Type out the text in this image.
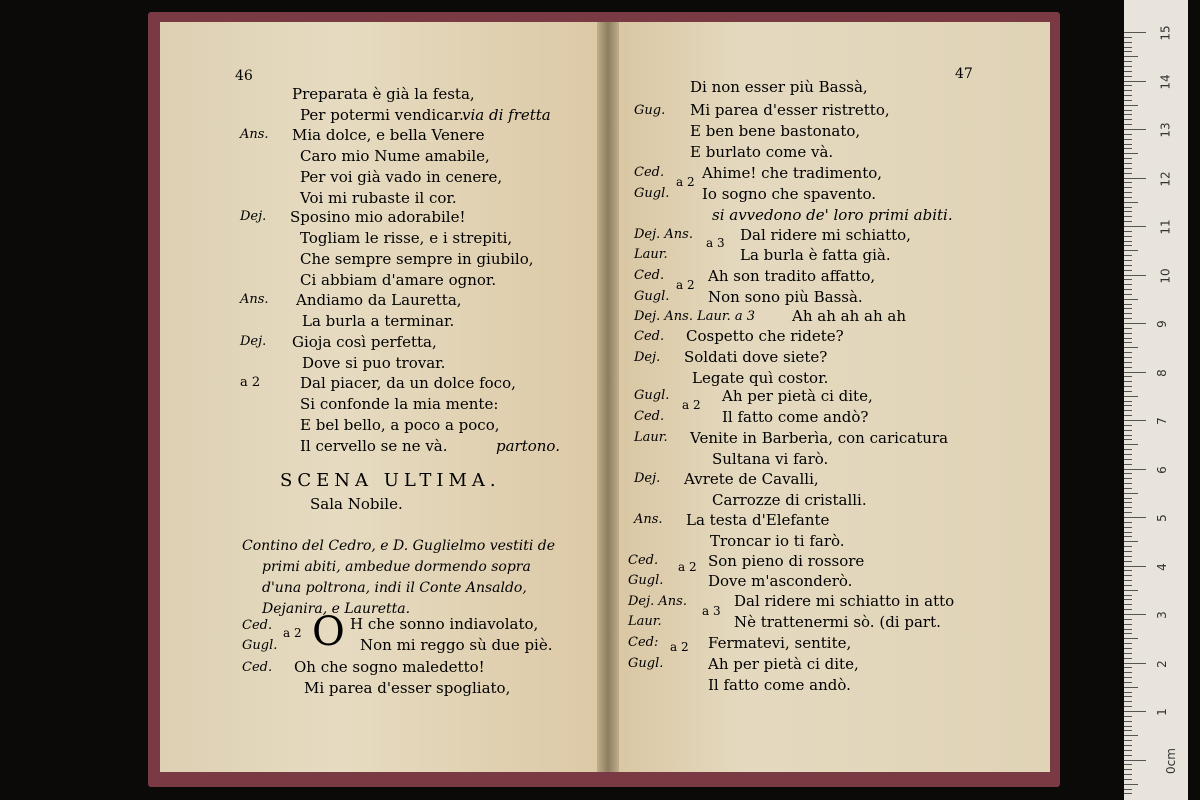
46
Preparata è già la festa,
Per potermi vendicar.
via di fretta
Ans. Mia dolce, e bella Venere
Caro mio Nume amabile,
Per voi già vado in cenere,
Voi mi rubaste il cor.
Dej. Sposino mio adorabile!
Togliam le risse, e i strepiti,
Che sempre sempre in giubilo,
Ci abbiam d'amare ognor.
Ans. Andiamo da Lauretta,
La burla a terminar.
Dej. Gioja così perfetta,
Dove si puo trovar.
a 2	Dal piacer, da un dolce foco,
Si confonde la mia mente:
E bel bello, a poco a poco,
Il cervello se ne và.	partono.
SCENA ULTIMA.
Sala Nobile.
Contino del Cedro, e D. Guglielmo vestiti de
primi abiti, ambedue dormendo sopra
d'una poltrona, indi il Conte Ansaldo,
Dejanira, e Lauretta.
Ced.
Gugl.
a 2 O H che sonno indiavolato,
Non mi reggo sù due piè.
Ced. Oh che sogno maledetto!
Mi parea d'esser spogliato,
47
Di non esser più Bassà,
Gug. Mi parea d'esser ristretto,
E ben bene bastonato,
E burlato come và.
Ced.
a 2 Ahime! che tradimento,
Gugl. Io sogno che spavento.
si avvedono de' loro primi abiti.
Dej. Ans.
a 3 Dal ridere mi schiatto,
Laur.	La burla è fatta già.
Ced.
a 2 Ah son tradito affatto,
Gugl.	Non sono più Bassà.
Dej. Ans. Laur. a 3 Ah ah ah ah ah
Ced. Cospetto che ridete?
Dej. Soldati dove siete?
Legate quì costor.
Gugl.
a 2 Ah per pietà ci dite,
Ced.	Il fatto come andò?
Laur. Venite in Barberìa, con caricatura
Sultana vi farò.
Dej. Avrete de Cavalli,
Carrozze di cristalli.
Ans. La testa d'Elefante
Troncar io ti farò.
Ced. a 2 Son pieno di rossore
Gugl.	Dove m'asconderò.
Dej. Ans.
a 3
Dal ridere mi schiatto in atto
Laur.	Nè trattenermi sò. (di part.
Ced: a 2 Fermatevi, sentite,
Gugl.	Ah per pietà ci dite,
Il fatto come andò.
15
14
13
12
11
10
9
8
7
6
5
4
3
2
1
0cm
